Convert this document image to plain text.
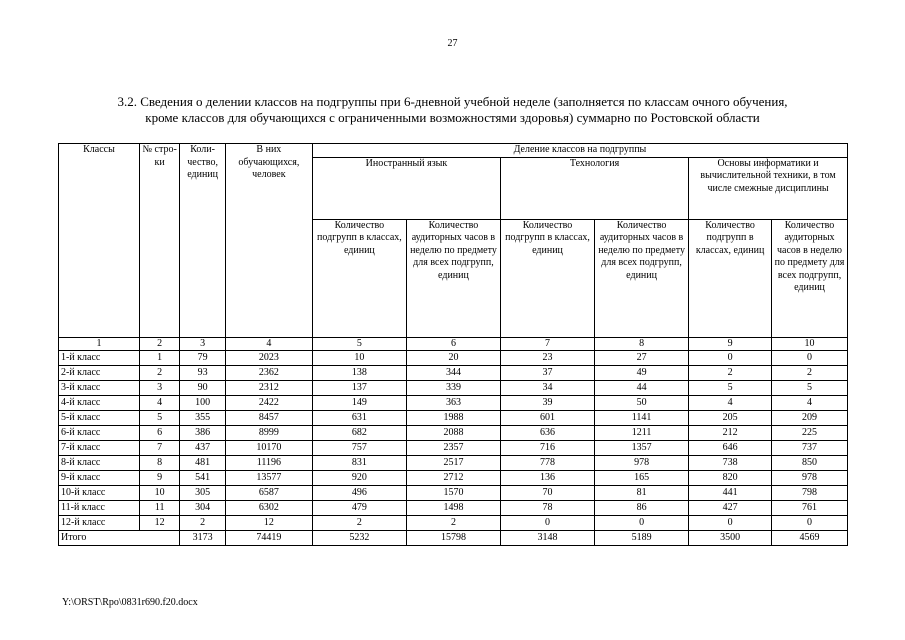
27
3.2. Сведения о делении классов на подгруппы при 6-дневной учебной неделе (заполняется по классам очного обучения,
кроме классов для обучающихся с ограниченными возможностями здоровья) суммарно по Ростовской области
Классы	№ стро-ки	Коли-чество, единиц	В них обучающихся, человек	Деление классов на подгруппы					
				Иностранный язык		Технология		Основы информатики и вычислительной техники, в том числе смежные дисциплины	
				Количество подгрупп в классах, единиц	Количество аудиторных часов в неделю по предмету для всех подгрупп, единиц	Количество подгрупп в классах, единиц	Количество аудиторных часов в неделю по предмету для всех подгрупп, единиц	Количество подгрупп в классах, единиц	Количество аудиторных часов в неделю по предмету для всех подгрупп, единиц
1	2	3	4	5	6	7	8	9	10
1-й класс	1	79	2023	10	20	23	27	0	0
2-й класс	2	93	2362	138	344	37	49	2	2
3-й класс	3	90	2312	137	339	34	44	5	5
4-й класс	4	100	2422	149	363	39	50	4	4
5-й класс	5	355	8457	631	1988	601	1141	205	209
6-й класс	6	386	8999	682	2088	636	1211	212	225
7-й класс	7	437	10170	757	2357	716	1357	646	737
8-й класс	8	481	11196	831	2517	778	978	738	850
9-й класс	9	541	13577	920	2712	136	165	820	978
10-й класс	10	305	6587	496	1570	70	81	441	798
11-й класс	11	304	6302	479	1498	78	86	427	761
12-й класс	12	2	12	2	2	0	0	0	0
Итого		3173	74419	5232	15798	3148	5189	3500	4569
Y:\ORST\Rpo\0831r690.f20.docx
